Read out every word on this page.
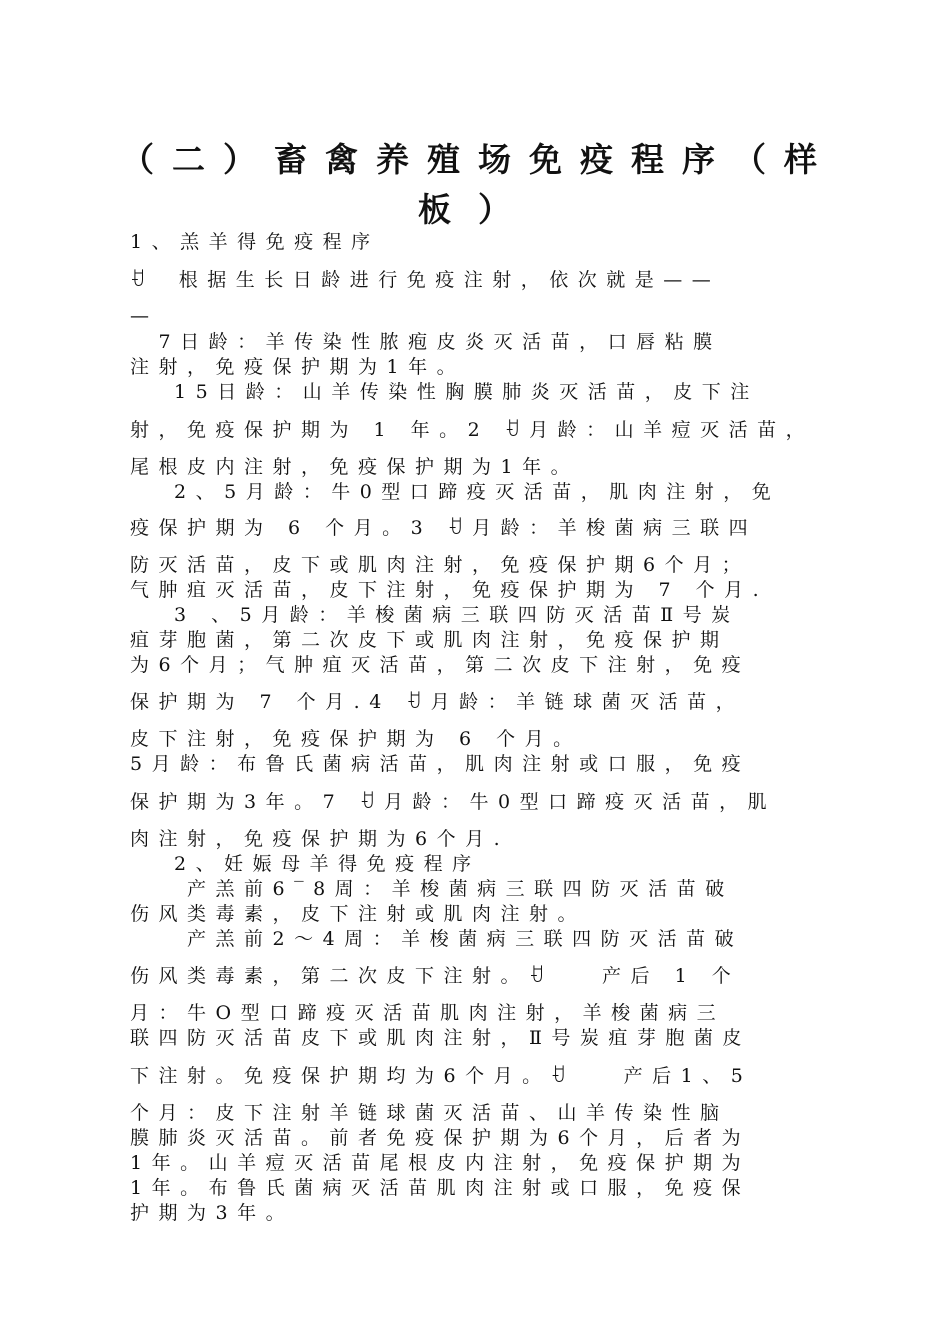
（二）畜禽养殖场免疫程序（样
板）
1、羔羊得免疫程序
ꀀ　根据生长日龄进行免疫注射，依次就是——
—
　7日龄：羊传染性脓疱皮炎灭活苗，口唇粘膜
注射，免疫保护期为1年。
　 15日龄：山羊传染性胸膜肺炎灭活苗，皮下注
射，免疫保护期为 1 年。2 ꀀ月龄：山羊痘灭活苗，
尾根皮内注射，免疫保护期为1年。
　 2、5月龄：牛0型口蹄疫灭活苗，肌肉注射，免
疫保护期为 6 个月。3 ꀀ月龄：羊梭菌病三联四
防灭活苗，皮下或肌肉注射，免疫保护期6个月；
气肿疽灭活苗，皮下注射，免疫保护期为 7 个月.
　 3 、5月龄：羊梭菌病三联四防灭活苗Ⅱ号炭
疽芽胞菌，第二次皮下或肌肉注射，免疫保护期
为6个月；气肿疽灭活苗，第二次皮下注射，免疫
保护期为 7 个月.4 ꀀ月龄：羊链球菌灭活苗，
皮下注射，免疫保护期为 6 个月。
5月龄：布鲁氏菌病活苗，肌肉注射或口服，免疫
保护期为3年。7 ꀀ月龄：牛0型口蹄疫灭活苗，肌
肉注射，免疫保护期为6个月.
　 2、妊娠母羊得免疫程序
　　产羔前6‾8周：羊梭菌病三联四防灭活苗破
伤风类毒素，皮下注射或肌肉注射。
　　产羔前2～4周：羊梭菌病三联四防灭活苗破
伤风类毒素，第二次皮下注射。ꀀ　　产后 1 个
月：牛O型口蹄疫灭活苗肌肉注射，羊梭菌病三
联四防灭活苗皮下或肌肉注射，Ⅱ号炭疽芽胞菌皮
下注射。免疫保护期均为6个月。ꀀ　　产后1、5
个月：皮下注射羊链球菌灭活苗、山羊传染性脑
膜肺炎灭活苗。前者免疫保护期为6个月，后者为
1年。山羊痘灭活苗尾根皮内注射，免疫保护期为
1年。布鲁氏菌病灭活苗肌肉注射或口服，免疫保
护期为3年。
